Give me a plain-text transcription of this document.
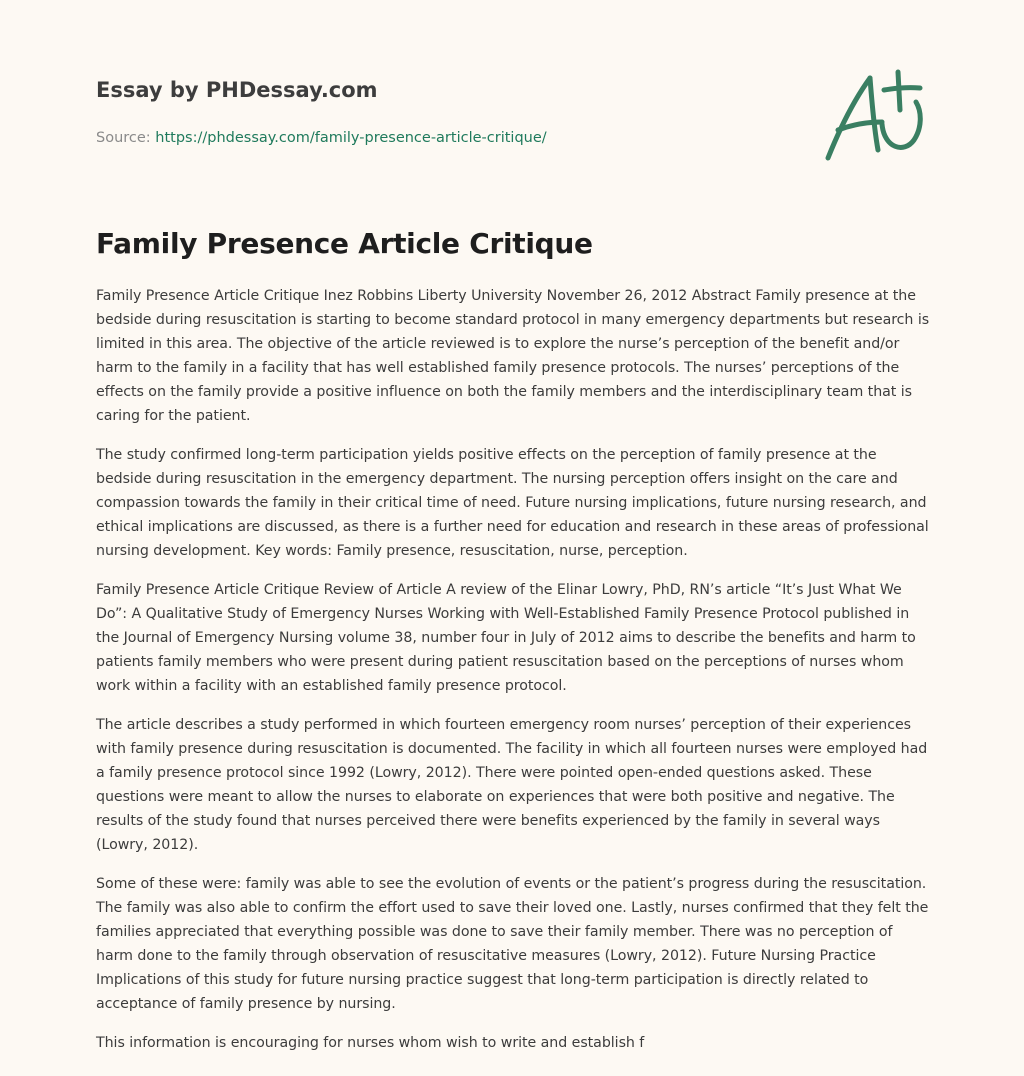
Essay by PHDessay.com
Source: https://phdessay.com/family-presence-article-critique/
Family Presence Article Critique

Family Presence Article Critique Inez Robbins Liberty University November 26, 2012 Abstract Family presence at the bedside during resuscitation is starting to become standard protocol in many emergency departments but research is limited in this area. The objective of the article reviewed is to explore the nurse’s perception of the benefit and/or harm to the family in a facility that has well established family presence protocols. The nurses’ perceptions of the effects on the family provide a positive influence on both the family members and the interdisciplinary team that is caring for the patient.

The study confirmed long-term participation yields positive effects on the perception of family presence at the bedside during resuscitation in the emergency department. The nursing perception offers insight on the care and compassion towards the family in their critical time of need. Future nursing implications, future nursing research, and ethical implications are discussed, as there is a further need for education and research in these areas of professional nursing development. Key words: Family presence, resuscitation, nurse, perception.

Family Presence Article Critique Review of Article A review of the Elinar Lowry, PhD, RN’s article “It’s Just What We Do”: A Qualitative Study of Emergency Nurses Working with Well-Established Family Presence Protocol published in the Journal of Emergency Nursing volume 38, number four in July of 2012 aims to describe the benefits and harm to patients family members who were present during patient resuscitation based on the perceptions of nurses whom work within a facility with an established family presence protocol.

The article describes a study performed in which fourteen emergency room nurses’ perception of their experiences with family presence during resuscitation is documented. The facility in which all fourteen nurses were employed had a family presence protocol since 1992 (Lowry, 2012). There were pointed open-ended questions asked. These questions were meant to allow the nurses to elaborate on experiences that were both positive and negative. The results of the study found that nurses perceived there were benefits experienced by the family in several ways (Lowry, 2012).

Some of these were: family was able to see the evolution of events or the patient’s progress during the resuscitation. The family was also able to confirm the effort used to save their loved one. Lastly, nurses confirmed that they felt the families appreciated that everything possible was done to save their family member. There was no perception of harm done to the family through observation of resuscitative measures (Lowry, 2012). Future Nursing Practice Implications of this study for future nursing practice suggest that long-term participation is directly related to acceptance of family presence by nursing.

This information is encouraging for nurses whom wish to write and establish f
